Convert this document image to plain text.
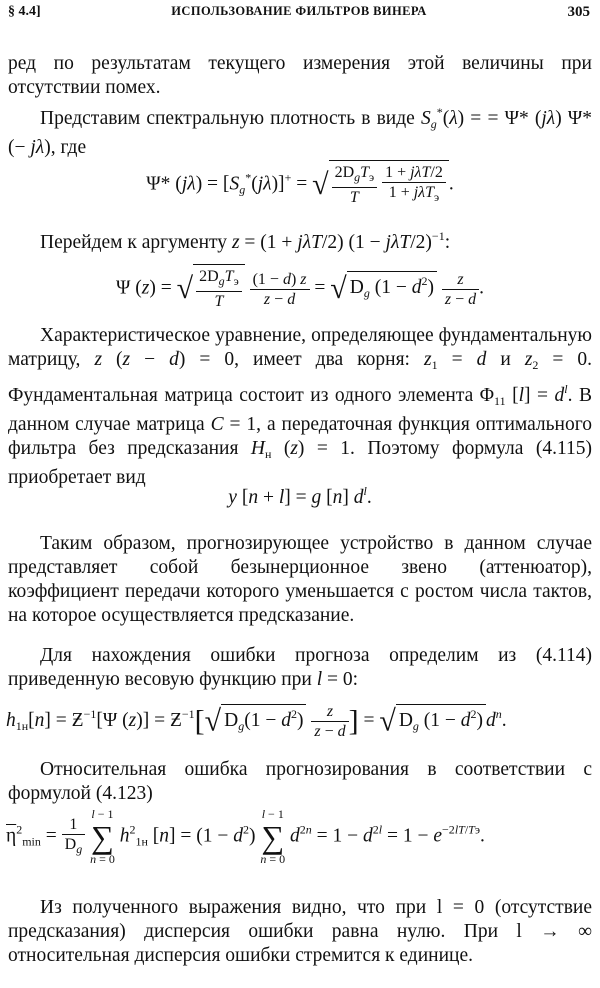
§ 4.4]	ИСПОЛЬЗОВАНИЕ ФИЛЬТРОВ ВИНЕРА	305
ред по результатам текущего измерения этой величины при отсутствии помех.
Представим спектральную плотность в виде $S_g^*(\lambda)$ = = Ψ* (jλ) Ψ* (− jλ), где
Ψ* $(j\lambda) = [S_g^*(j\lambda)]^+$ = √ $\frac{2D_gT_э}{T}$
$\frac{\text{1 + jλT/2}}{1 + j\lambda T_э}$ .
Перейдем к аргументу z = (1 + jλT/2) (1 − jλT/$2)^{-1}$:
Ψ (z) = √ $\frac{2D_gT_э}{T}$
$\frac{(1 - d) z}{z - d}$ = √ $D_g$ $(1 - d^2) \frac{z}{z - d}$ .
Характеристическое уравнение, определяющее фундаментальную матрицу, z (z − d) = 0, имеет два корня: $z_1 = d$ и $z_2 = 0$. Фундаментальная матрица состоит из одного элемента $\Phi_{11}$ $[l] = d^l$. В данном случае матрица C = 1, а передаточная функция оптимального фильтра без предсказания $H_н$ (z) = 1. Поэтому формула (4.115) приобретает вид
y [n + l] = g [n] $d^l$.
Таким образом, прогнозирующее устройство в данном случае представляет собой безынерционное звено (аттенюатор), коэффициент передачи которого уменьшается с ростом числа тактов, на которое осуществляется предсказание.
Для нахождения ошибки прогноза определим из (4.114) приведенную весовую функцию при l = 0:
$h_{1н}[n]$ = $Ƶ^{-1}[\Psi$ $(z)] = Ƶ^{-1}[√$ $D_g(1 - d^2) \frac{z}{z - d}$ ] = √ $D_g$ $(1 - d^2)$ $d^n$.
Относительная ошибка прогнозирования в соответствии с формулой (4.123)
$\overline{\eta}^2_{min} = \frac{1}{D_g}$

l − 1
∑
n = 0
$h^2_{1н}$ $[n] = (1 - d^2)$
l − 1
∑
n = 0
$d^{2n} = 1 - d^{2l} = 1 - e^{-2lT/Tэ}$.
Из полученного выражения видно, что при l = 0 (отсутствие предсказания) дисперсия ошибки равна нулю. При l → ∞ относительная дисперсия ошибки стремится к единице.
